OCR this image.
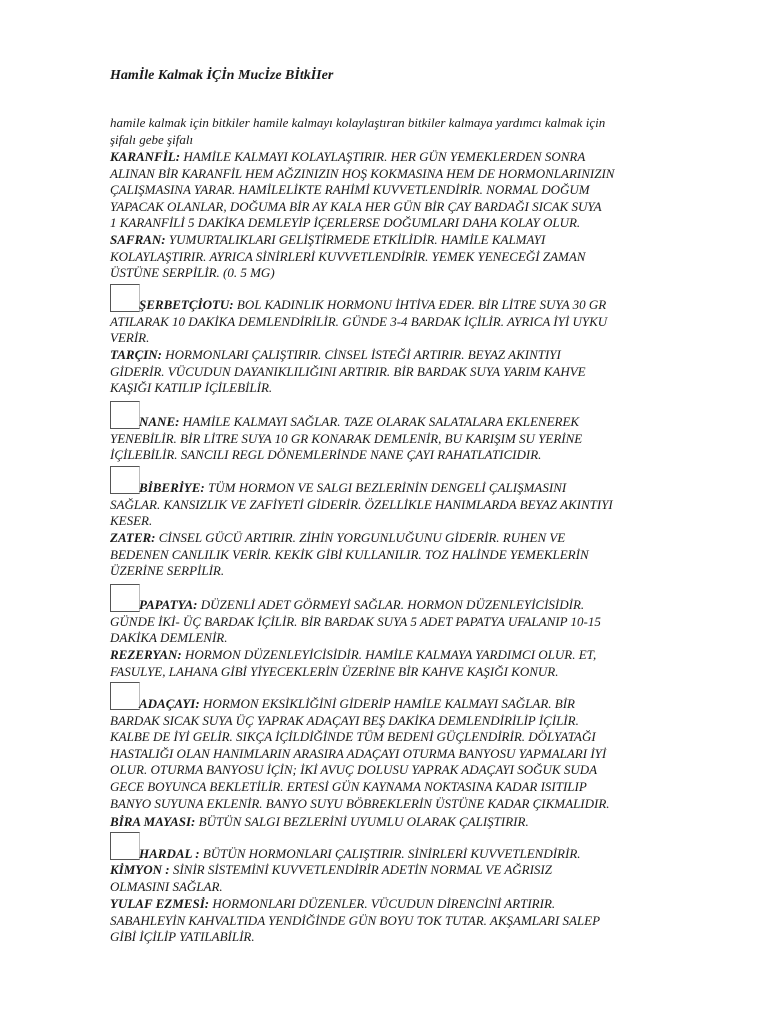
Hamİle Kalmak İÇİn Mucİze BİtkİIer

hamile kalmak için bitkiler hamile kalmayı kolaylaştıran bitkiler kalmaya yardımcı kalmak için
şifalı gebe şifalı

KARANFİL: HAMİLE KALMAYI KOLAYLAŞTIRIR. HER GÜN YEMEKLERDEN SONRA
ALINAN BİR KARANFİL HEM AĞZINIZIN HOŞ KOKMASINA HEM DE HORMONLARINIZIN
ÇALIŞMASINA YARAR. HAMİLELİKTE RAHİMİ KUVVETLENDİRİR. NORMAL DOĞUM
YAPACAK OLANLAR, DOĞUMA BİR AY KALA HER GÜN BİR ÇAY BARDAĞI SICAK SUYA
1 KARANFİLİ 5 DAKİKA DEMLEYİP İÇERLERSE DOĞUMLARI DAHA KOLAY OLUR.

SAFRAN: YUMURTALIKLARI GELİŞTİRMEDE ETKİLİDİR. HAMİLE KALMAYI
KOLAYLAŞTIRIR. AYRICA SİNİRLERİ KUVVETLENDİRİR. YEMEK YENECEĞİ ZAMAN
ÜSTÜNE SERPİLİR. (0. 5 MG)

ŞERBETÇİOTU: BOL KADINLIK HORMONU İHTİVA EDER. BİR LİTRE SUYA 30 GR
ATILARAK 10 DAKİKA DEMLENDİRİLİR. GÜNDE 3-4 BARDAK İÇİLİR. AYRICA İYİ UYKU
VERİR.

TARÇIN: HORMONLARI ÇALIŞTIRIR. CİNSEL İSTEĞİ ARTIRIR. BEYAZ AKINTIYI
GİDERİR. VÜCUDUN DAYANIKLILIĞINI ARTIRIR. BİR BARDAK SUYA YARIM KAHVE
KAŞIĞI KATILIP İÇİLEBİLİR.

NANE: HAMİLE KALMAYI SAĞLAR. TAZE OLARAK SALATALARA EKLENEREK
YENEBİLİR. BİR LİTRE SUYA 10 GR KONARAK DEMLENİR, BU KARIŞIM SU YERİNE
İÇİLEBİLİR. SANCILI REGL DÖNEMLERİNDE NANE ÇAYI RAHATLATICIDIR.

BİBERİYE: TÜM HORMON VE SALGI BEZLERİNİN DENGELİ ÇALIŞMASINI
SAĞLAR. KANSIZLIK VE ZAFİYETİ GİDERİR. ÖZELLİKLE HANIMLARDA BEYAZ AKINTIYI
KESER.

ZATER: CİNSEL GÜCÜ ARTIRIR. ZİHİN YORGUNLUĞUNU GİDERİR. RUHEN VE
BEDENEN CANLILIK VERİR. KEKİK GİBİ KULLANILIR. TOZ HALİNDE YEMEKLERİN
ÜZERİNE SERPİLİR.

PAPATYA: DÜZENLİ ADET GÖRMEYİ SAĞLAR. HORMON DÜZENLEYİCİSİDİR.
GÜNDE İKİ- ÜÇ BARDAK İÇİLİR. BİR BARDAK SUYA 5 ADET PAPATYA UFALANIP 10-15
DAKİKA DEMLENİR.

REZERYAN: HORMON DÜZENLEYİCİSİDİR. HAMİLE KALMAYA YARDIMCI OLUR. ET,
FASULYE, LAHANA GİBİ YİYECEKLERİN ÜZERİNE BİR KAHVE KAŞIĞI KONUR.

ADAÇAYI: HORMON EKSİKLİĞİNİ GİDERİP HAMİLE KALMAYI SAĞLAR. BİR
BARDAK SICAK SUYA ÜÇ YAPRAK ADAÇAYI BEŞ DAKİKA DEMLENDİRİLİP İÇİLİR.
KALBE DE İYİ GELİR. SIKÇA İÇİLDİĞİNDE TÜM BEDENİ GÜÇLENDİRİR. DÖLYATAĞI
HASTALIĞI OLAN HANIMLARIN ARASIRA ADAÇAYI OTURMA BANYOSU YAPMALARI İYİ
OLUR. OTURMA BANYOSU İÇİN; İKİ AVUÇ DOLUSU YAPRAK ADAÇAYI SOĞUK SUDA
GECE BOYUNCA BEKLETİLİR. ERTESİ GÜN KAYNAMA NOKTASINA KADAR ISITILIP
BANYO SUYUNA EKLENİR. BANYO SUYU BÖBREKLERİN ÜSTÜNE KADAR ÇIKMALIDIR.

BİRA MAYASI: BÜTÜN SALGI BEZLERİNİ UYUMLU OLARAK ÇALIŞTIRIR.

HARDAL : BÜTÜN HORMONLARI ÇALIŞTIRIR. SİNİRLERİ KUVVETLENDİRİR.

KİMYON : SİNİR SİSTEMİNİ KUVVETLENDİRİR ADETİN NORMAL VE AĞRISIZ
OLMASINI SAĞLAR.

YULAF EZMESİ: HORMONLARI DÜZENLER. VÜCUDUN DİRENCİNİ ARTIRIR.
SABAHLEYİN KAHVALTIDA YENDİĞİNDE GÜN BOYU TOK TUTAR. AKŞAMLARI SALEP
GİBİ İÇİLİP YATILABİLİR.
